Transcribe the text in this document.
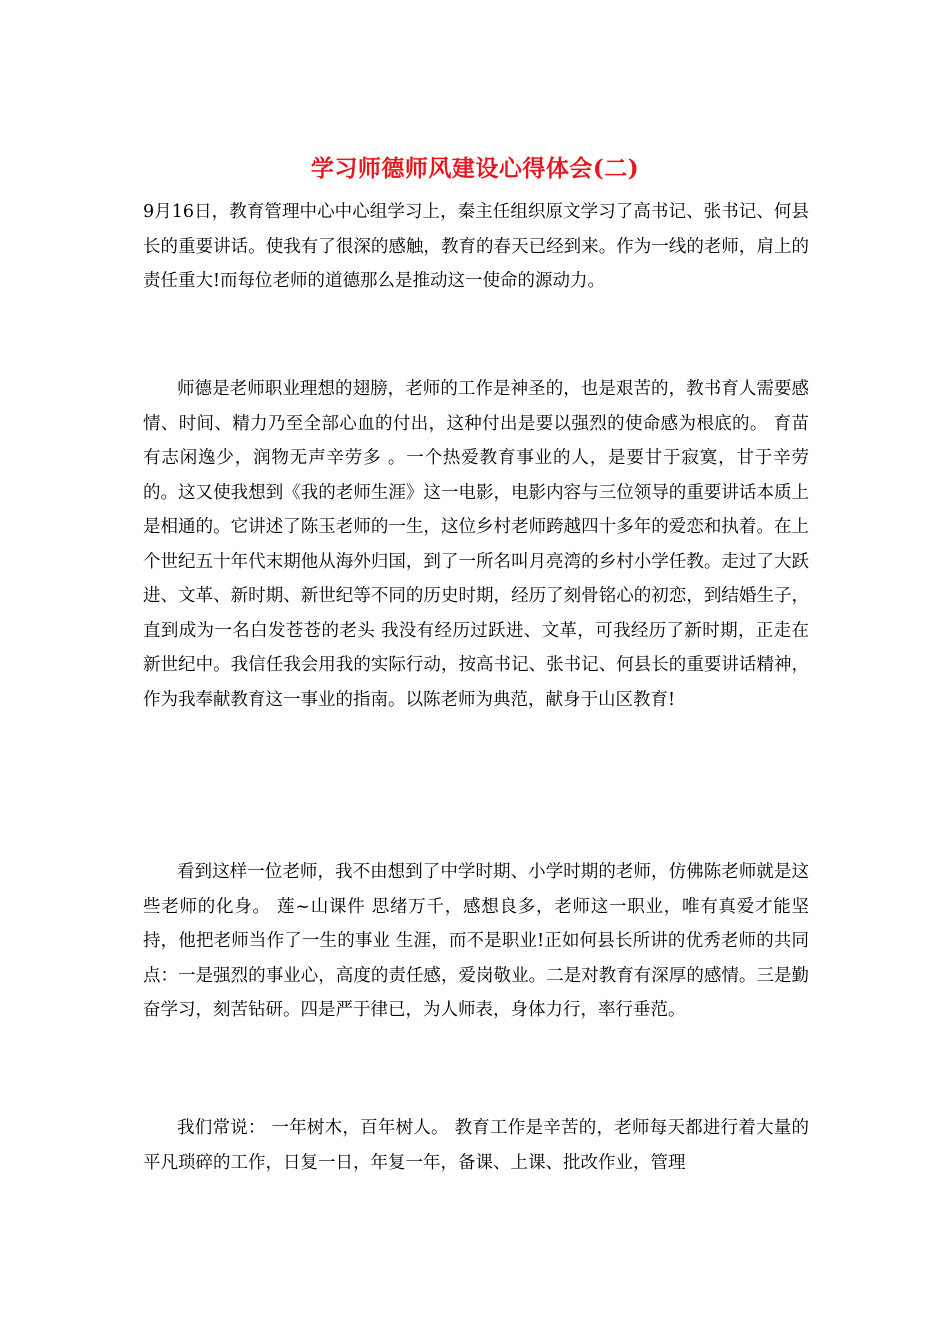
学习师德师风建设心得体会(二)

9月16日，教育管理中心中心组学习上，秦主任组织原文学习了高书记、张书记、何县长的重要讲话。使我有了很深的感触，教育的春天已经到来。作为一线的老师，肩上的责任重大!而每位老师的道德那么是推动这一使命的源动力。

师德是老师职业理想的翅膀，老师的工作是神圣的，也是艰苦的，教书育人需要感情、时间、精力乃至全部心血的付出，这种付出是要以强烈的使命感为根底的。 育苗有志闲逸少，润物无声辛劳多 。一个热爱教育事业的人，是要甘于寂寞，甘于辛劳的。这又使我想到《我的老师生涯》这一电影，电影内容与三位领导的重要讲话本质上是相通的。它讲述了陈玉老师的一生，这位乡村老师跨越四十多年的爱恋和执着。在上个世纪五十年代末期他从海外归国，到了一所名叫月亮湾的乡村小学任教。走过了大跃进、文革、新时期、新世纪等不同的历史时期，经历了刻骨铭心的初恋，到结婚生子，直到成为一名白发苍苍的老头 我没有经历过跃进、文革，可我经历了新时期，正走在新世纪中。我信任我会用我的实际行动，按高书记、张书记、何县长的重要讲话精神，作为我奉献教育这一事业的指南。以陈老师为典范，献身于山区教育!

看到这样一位老师，我不由想到了中学时期、小学时期的老师，仿佛陈老师就是这些老师的化身。 莲~山课件 思绪万千，感想良多，老师这一职业，唯有真爱才能坚持，他把老师当作了一生的事业 生涯，而不是职业!正如何县长所讲的优秀老师的共同点：一是强烈的事业心，高度的责任感，爱岗敬业。二是对教育有深厚的感情。三是勤奋学习，刻苦钻研。四是严于律已，为人师表，身体力行，率行垂范。

我们常说： 一年树木，百年树人。 教育工作是辛苦的，老师每天都进行着大量的平凡琐碎的工作，日复一日，年复一年，备课、上课、批改作业，管理
